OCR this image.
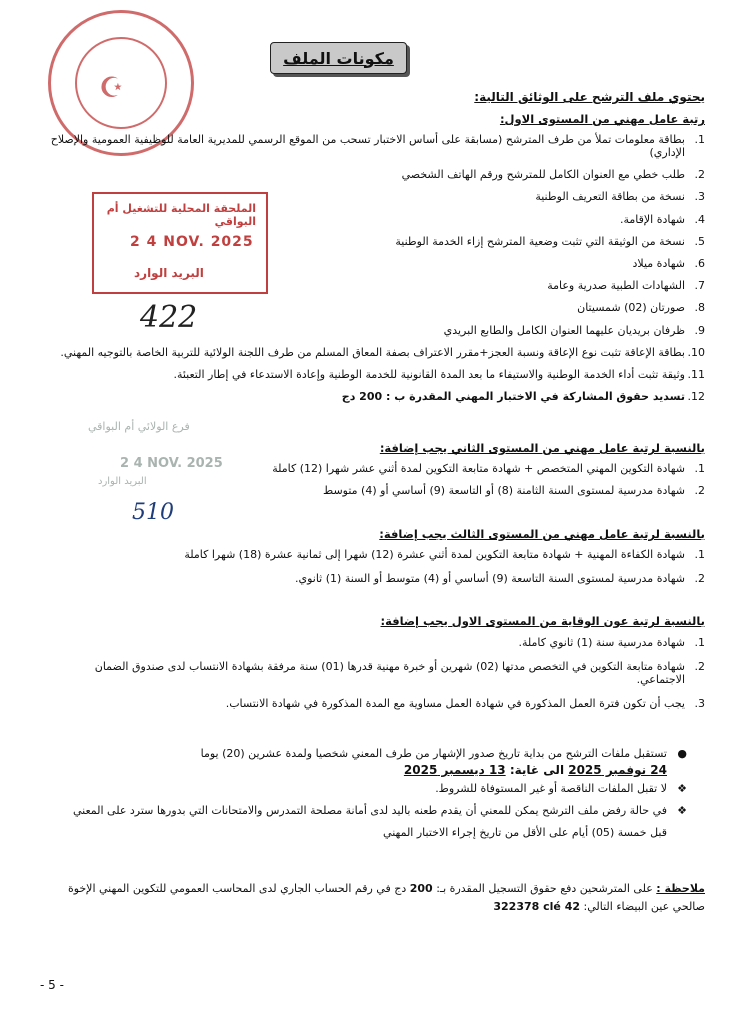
☪
مكونات الملف
يحتوي ملف الترشح على الوثائق التالية:
رتبة عامل مهني من المستوى الاول:
1.
بطاقة معلومات تملأ من طرف المترشح (مسابقة على أساس الاختبار تسحب من الموقع الرسمي للمديرية العامة للوظيفية العمومية والإصلاح الإداري)
2.
طلب خطي مع العنوان الكامل للمترشح ورقم الهاتف الشخصي
3.
نسخة من بطاقة التعريف الوطنية
4.
شهادة الإقامة.
5.
نسخة من الوثيقة التي تثبت وضعية المترشح إزاء الخدمة الوطنية
6.
شهادة ميلاد
7.
الشهادات الطبية صدرية وعامة
8.
صورتان (02) شمسيتان
9.
ظرفان بريديان عليهما العنوان الكامل والطابع البريدي
10.
بطاقة الإعاقة تثبت نوع الإعاقة ونسبة العجز+مقرر الاعتراف بصفة المعاق المسلم من طرف اللجنة الولائية للتربية الخاصة بالتوجيه المهني.
11.
وثيقة تثبت أداء الخدمة الوطنية والاستيفاء ما بعد المدة القانونية للخدمة الوطنية وإعادة الاستدعاء في إطار التعبئة.
12.
تسديد حقوق المشاركة في الاختبار المهني المقدرة ب : 200 دج
الملحقة المحلية للتشغيل أم البواقي
2 4 NOV. 2025
البريد الوارد
422
بالنسبة لرتبة عامل مهني من المستوى الثاني يجب إضافة:
1.
شهادة التكوين المهني المتخصص + شهادة متابعة التكوين لمدة أثني عشر شهرا (12) كاملة
2.
شهادة مدرسية لمستوى السنة الثامنة (8) أو التاسعة (9) أساسي أو (4) متوسط
فرع الولائي أم البواقي
2 4 NOV. 2025
البريد الوارد
510
بالنسبة لرتبة عامل مهني من المستوى الثالث يجب إضافة:
1.
شهادة الكفاءة المهنية + شهادة متابعة التكوين لمدة أثني عشرة (12) شهرا إلى ثمانية عشرة (18) شهرا كاملة
2.
شهادة مدرسية لمستوى السنة التاسعة (9) أساسي أو (4) متوسط أو السنة (1) ثانوي.
بالنسبة لرتبة عون الوقاية من المستوى الاول يجب إضافة:
1.
شهادة مدرسية سنة (1) ثانوي كاملة.
2.
شهادة متابعة التكوين في التخصص مدتها (02) شهرين أو خبرة مهنية قدرها (01) سنة مرفقة بشهادة الانتساب لدى صندوق الضمان الاجتماعي.
3.
يجب أن تكون فترة العمل المذكورة في شهادة العمل مساوية مع المدة المذكورة في شهادة الانتساب.
●
تستقبل ملفات الترشح من بداية تاريخ صدور الإشهار من طرف المعني شخصيا ولمدة عشرين (20) يوما
24 نوفمبر 2025 الى غاية: 13 ديسمبر 2025
❖
لا تقبل الملفات الناقصة أو غير المستوفاة للشروط.
❖
في حالة رفض ملف الترشح يمكن للمعني أن يقدم طعنه باليد لدى أمانة مصلحة التمدرس والامتحانات التي بدورها سترد على المعني قبل خمسة (05) أيام على الأقل من تاريخ إجراء الاختبار المهني
ملاحظة : على المترشحين دفع حقوق التسجيل المقدرة بـ: 200 دج في رقم الحساب الجاري لدى المحاسب العمومي للتكوين المهني الإخوة صالحي عين البيضاء التالي: 322378 clé 42
- 5 -
